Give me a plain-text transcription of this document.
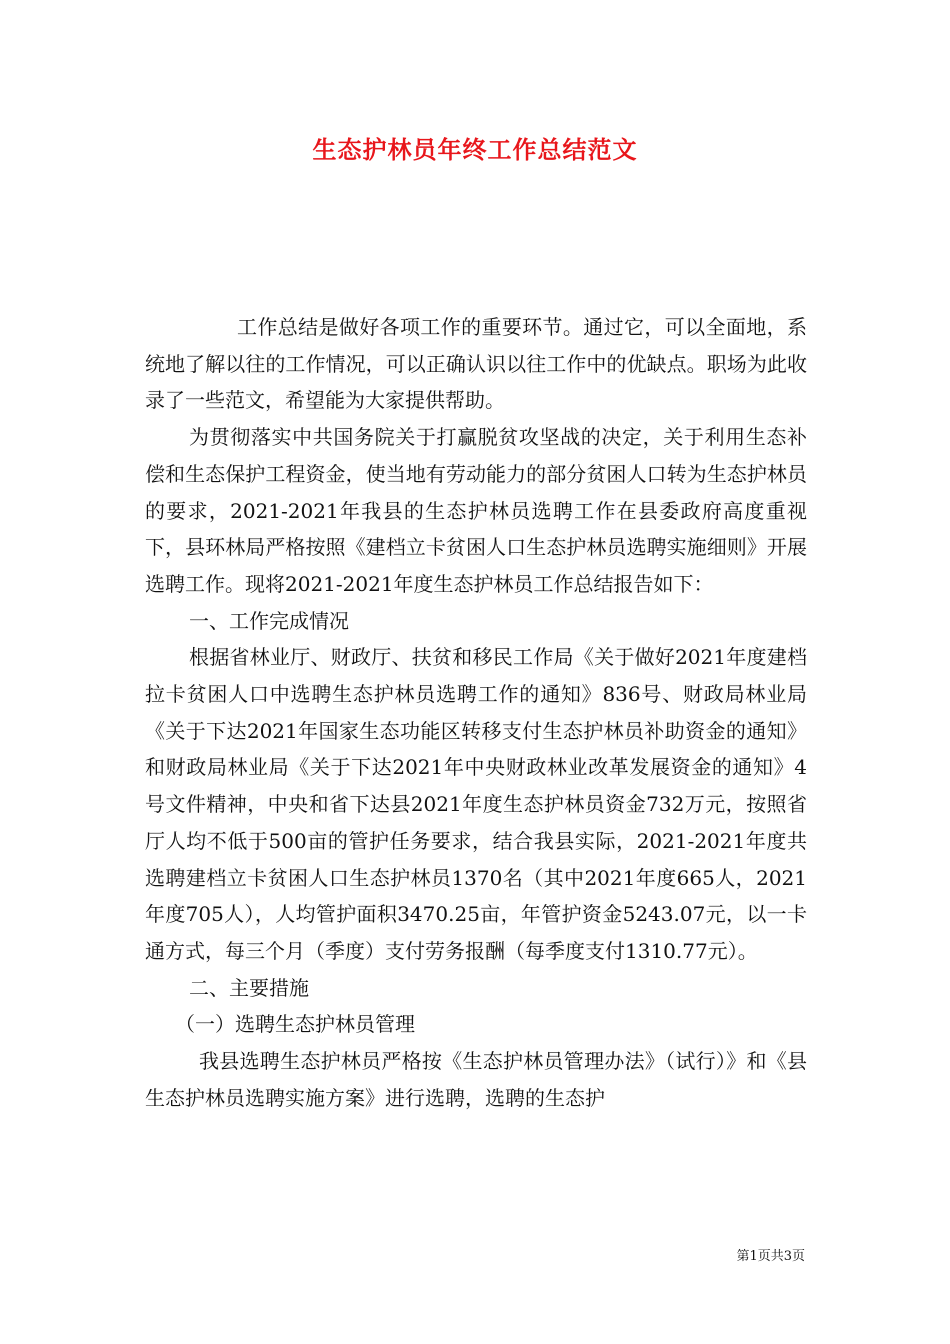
生态护林员年终工作总结范文

工作总结是做好各项工作的重要环节。通过它，可以全面地，系统地了解以往的工作情况，可以正确认识以往工作中的优缺点。职场为此收录了一些范文，希望能为大家提供帮助。

为贯彻落实中共国务院关于打赢脱贫攻坚战的决定，关于利用生态补偿和生态保护工程资金，使当地有劳动能力的部分贫困人口转为生态护林员的要求，2021-2021年我县的生态护林员选聘工作在县委政府高度重视下，县环林局严格按照《建档立卡贫困人口生态护林员选聘实施细则》开展选聘工作。现将2021-2021年度生态护林员工作总结报告如下：

一、工作完成情况

根据省林业厅、财政厅、扶贫和移民工作局《关于做好2021年度建档拉卡贫困人口中选聘生态护林员选聘工作的通知》836号、财政局林业局《关于下达2021年国家生态功能区转移支付生态护林员补助资金的通知》和财政局林业局《关于下达2021年中央财政林业改革发展资金的通知》4号文件精神，中央和省下达县2021年度生态护林员资金732万元，按照省厅人均不低于500亩的管护任务要求，结合我县实际，2021-2021年度共选聘建档立卡贫困人口生态护林员1370名（其中2021年度665人，2021年度705人），人均管护面积3470.25亩，年管护资金5243.07元，以一卡通方式，每三个月（季度）支付劳务报酬（每季度支付1310.77元）。

二、主要措施

（一）选聘生态护林员管理

我县选聘生态护林员严格按《生态护林员管理办法》（试行）》和《县生态护林员选聘实施方案》进行选聘，选聘的生态护

第1页共3页
